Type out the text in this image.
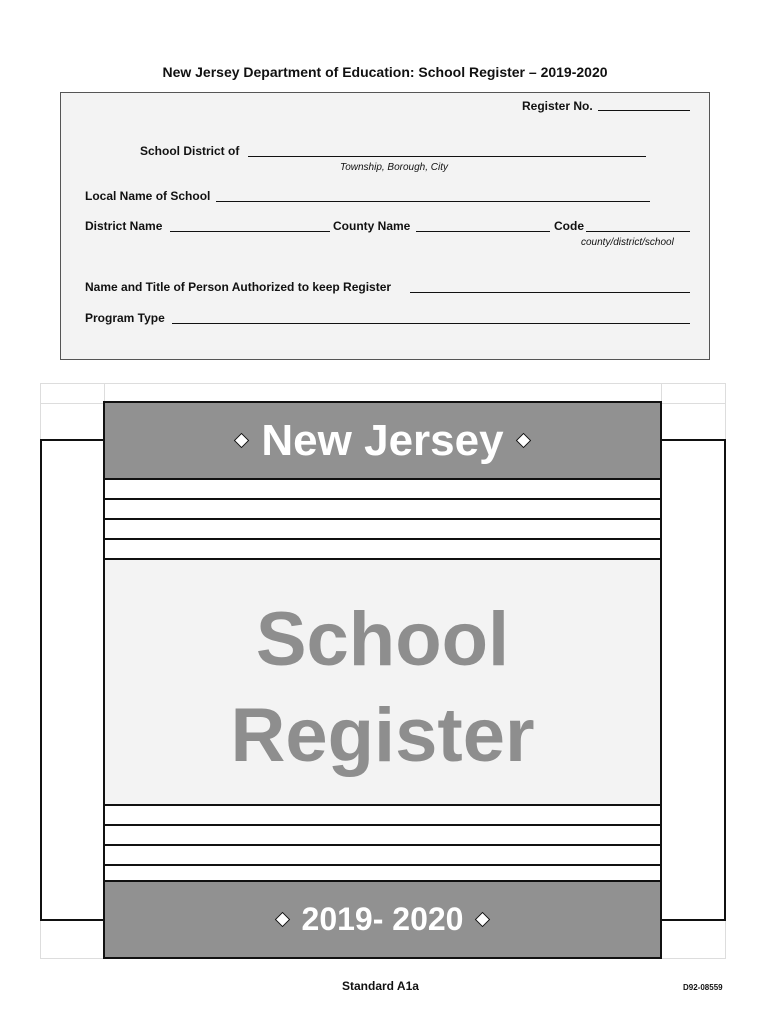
New Jersey Department of Education: School Register – 2019-2020
Register No.
School District of
Township, Borough, City
Local Name of School
District Name	County Name	Code
county/district/school
Name and Title of Person Authorized to keep Register
Program Type
New Jersey
School
Register
2019- 2020
Standard A1a	D92-08559
